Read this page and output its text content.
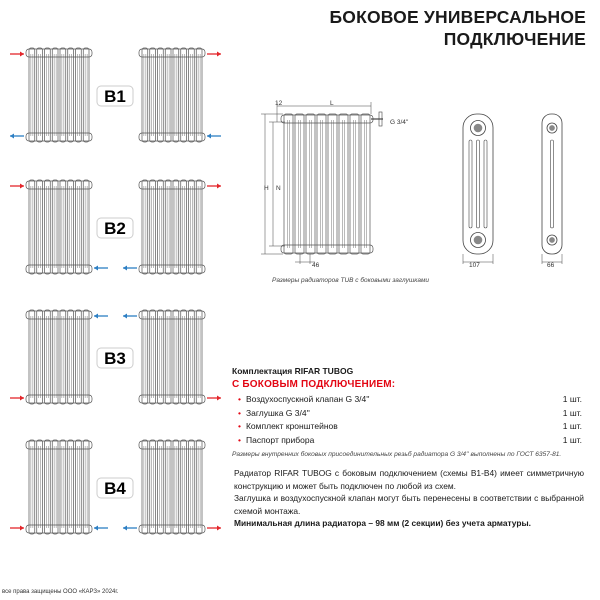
БОКОВОЕ УНИВЕРСАЛЬНОЕ
ПОДКЛЮЧЕНИЕ
B1
B2
B3
B4
12	L
H N
G 3/4''
46	107	66
Размеры радиаторов TUB с боковыми заглушками
Комплектация RIFAR TUBOG
С БОКОВЫМ ПОДКЛЮЧЕНИЕМ:
• Воздухоспускной клапан G 3/4''	1 шт.
• Заглушка G 3/4''	1 шт.
• Комплект кронштейнов	1 шт.
• Паспорт прибора	1 шт.
Размеры внутренних боковых присоединительных резьб радиатора G 3/4'' выполнены по ГОСТ 6357-81.

Радиатор RIFAR TUBOG с боковым подключением (схемы В1-В4) имеет симметричную конструкцию и может быть подключен по любой из схем.

Заглушка и воздухоспускной клапан могут быть перенесены в соответствии с выбранной схемой монтажа.

Минимальная длина радиатора – 98 мм (2 секции) без учета арматуры.

все права защищены ООО «КАРЗ» 2024г.
